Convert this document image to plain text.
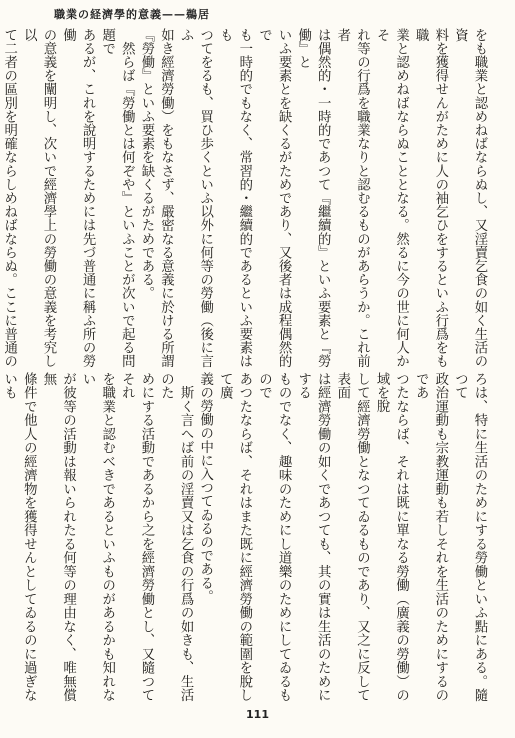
職業の経濟學的意義——鵜居
をも職業と認めねばならぬし、又淫賣乞食の如く生活の資
料を獲得せんがために人の袖乞ひをするといふ行爲をも職
業と認めねばならぬこととなる。然るに今の世に何人かそ
れ等の行爲を職業なりと認むるものがあらうか。これ前者
は偶然的・一時的であつて『繼續的』といふ要素と『勞働』と
いふ要素とを缺くるがためであり、又後者は成程偶然的で
も一時的でもなく、常習的・繼續的であるといふ要素はも
つてをるも、買ひ歩くといふ以外に何等の勞働（後に言ふ
如き經濟勞働）をもなさず、嚴密なる意義に於ける所謂
『勞働』といふ要素を缺くるがためである。
　然らば『勞働とは何ぞや』といふことが次いで起る問題で
あるが、これを說明するためには先づ普通に稱ふ所の勞働
の意義を闡明し、次いで經濟學上の勞働の意義を考究し以
て二者の區別を明確ならしめねばならぬ。ここに普通の
ろは、特に生活のためにする勞働といふ點にある。隨つて
政治運動も宗教運動も若しそれを生活のためにするのであ
つたならば、それは既に單なる勞働（廣義の勞働）の域を脫
して經濟勞働となつてゐるものであり、又之に反して表面
は經濟勞働の如くであつても、其の實は生活のためにする
ものでなく、趣味のためにし道樂のためにしてゐるもので
あつたならば、それはまた既に經濟勞働の範圍を脫して廣
義の勞働の中に入つてゐるのである。
　斯く言へば前の淫賣又は乞食の行爲の如きも、生活のた
めにする活動であるから之を經濟勞働とし、又隨つてそれ
を職業と認むべきであるといふものがあるかも知れない
が彼等の活動は報いられたる何等の理由なく、唯無償無
條件で他人の經濟物を獲得せんとしてゐるのに過ぎないも
111
